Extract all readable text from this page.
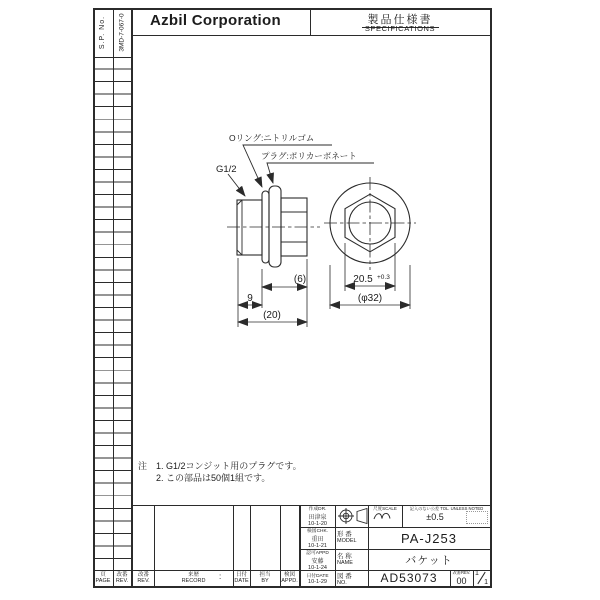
S.P. No. 3MD-7-067-0 Azbil Corporation	製品仕様書
SPECIFICATIONS
G1/2
Oリング:ニトリルゴム
プラグ:ポリカーボネート
(6)
9
(20)
20.5 +0.3
(φ32)
注 1. G1/2コンジット用のプラグです。
2. この部品は50個1組です。
頁
PAGE
改番
REV.
改番
REV.
来歴
RECORD :	日付
DATE
担当
BY
検図
APPD.
作成DR.
田津泉
10-1-20
検図CHK.
重田
10-1-21
認可APPD
安藤
10-1-24
日付DATE
10-1-29
尺度SCALE	記入のない公差 TOL. UNLESS NOTED
±0.5
形 番
MODEL	PA-J253
名 称
NAME	バケット
図 番
NO.	AD53073	改番REV.
00
1
1
